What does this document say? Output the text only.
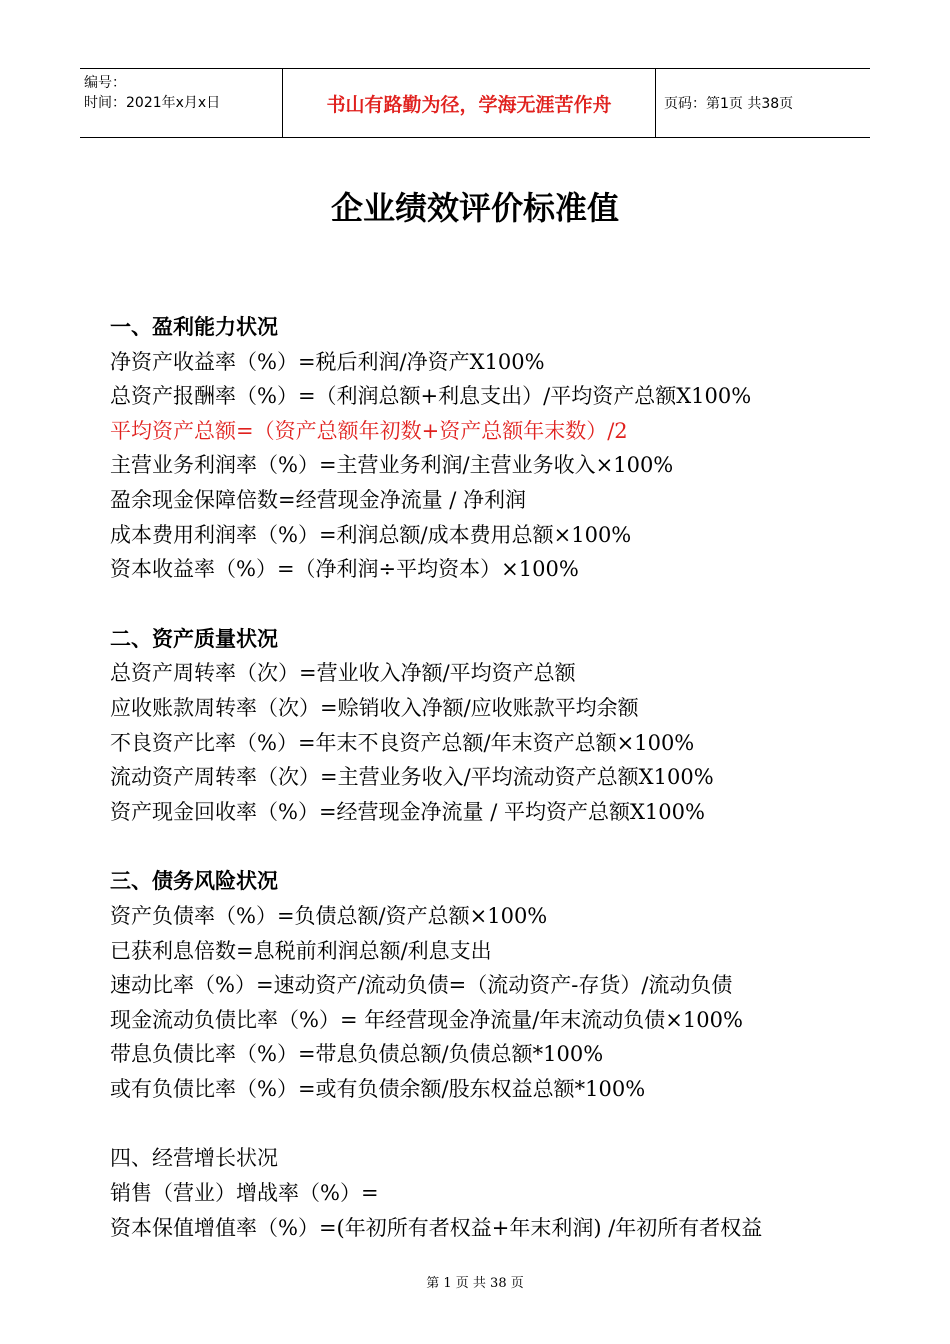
编号：
时间：2021年x月x日	书山有路勤为径，学海无涯苦作舟	页码：第1页 共38页
企业绩效评价标准值
一、盈利能力状况
净资产收益率（%）=税后利润/净资产X100%
总资产报酬率（%）=（利润总额+利息支出）/平均资产总额X100%
平均资产总额=（资产总额年初数+资产总额年末数）/2
主营业务利润率（%）=主营业务利润/主营业务收入×100%
盈余现金保障倍数=经营现金净流量 / 净利润
成本费用利润率（%）=利润总额/成本费用总额×100%
资本收益率（%）=（净利润÷平均资本）×100%
二、资产质量状况
总资产周转率（次）=营业收入净额/平均资产总额
应收账款周转率（次）=赊销收入净额/应收账款平均余额
不良资产比率（%）=年末不良资产总额/年末资产总额×100%
流动资产周转率（次）=主营业务收入/平均流动资产总额X100%
资产现金回收率（%）=经营现金净流量 / 平均资产总额X100%
三、债务风险状况
资产负债率（%）=负债总额/资产总额×100%
已获利息倍数=息税前利润总额/利息支出
速动比率（%）=速动资产/流动负债=（流动资产-存货）/流动负债
现金流动负债比率（%）= 年经营现金净流量/年末流动负债×100%
带息负债比率（%）=带息负债总额/负债总额*100%
或有负债比率（%）=或有负债余额/股东权益总额*100%
四、经营增长状况
销售（营业）增战率（%）=
资本保值增值率（%）=(年初所有者权益+年末利润) /年初所有者权益
第 1 页 共 38 页
